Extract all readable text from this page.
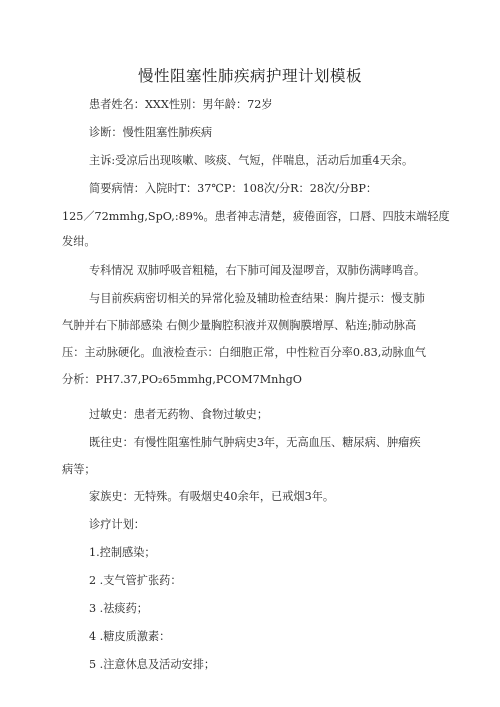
慢性阻塞性肺疾病护理计划模板
患者姓名：XXX性别：男年龄：72岁
诊断：慢性阻塞性肺疾病
主诉:受凉后出现咳嗽、咳痰、气短，伴喘息，活动后加重4天余。
简要病情：入院时T：37℃P：108次/分R：28次/分BP：
125／72mmhg,SpO,:89%。患者神志清楚，疲倦面容，口唇、四肢末端轻度
发绀。
专科情况 双肺呼吸音粗糙，右下肺可闻及湿啰音，双肺伤满哮鸣音。
与目前疾病密切相关的异常化验及辅助检查结果：胸片提示：慢支肺
气肿并右下肺部感染 右侧少量胸腔积液并双侧胸膜增厚、粘连;肺动脉高
压：主动脉硬化。血液检查示：白细胞正常，中性粒百分率0.83,动脉血气
分析：PH7.37,PO₂65mmhg,PCOM7MnhgO
过敏史：患者无药物、食物过敏史；
既往史：有慢性阻塞性肺气肿病史3年，无高血压、糖尿病、肿瘤疾
病等；
家族史：无特殊。有吸烟史40余年，已戒烟3年。
诊疗计划：
1.控制感染；
2 .支气管扩张药：
3 .祛痰药；
4 .糖皮质激素：
5 .注意休息及活动安排；
